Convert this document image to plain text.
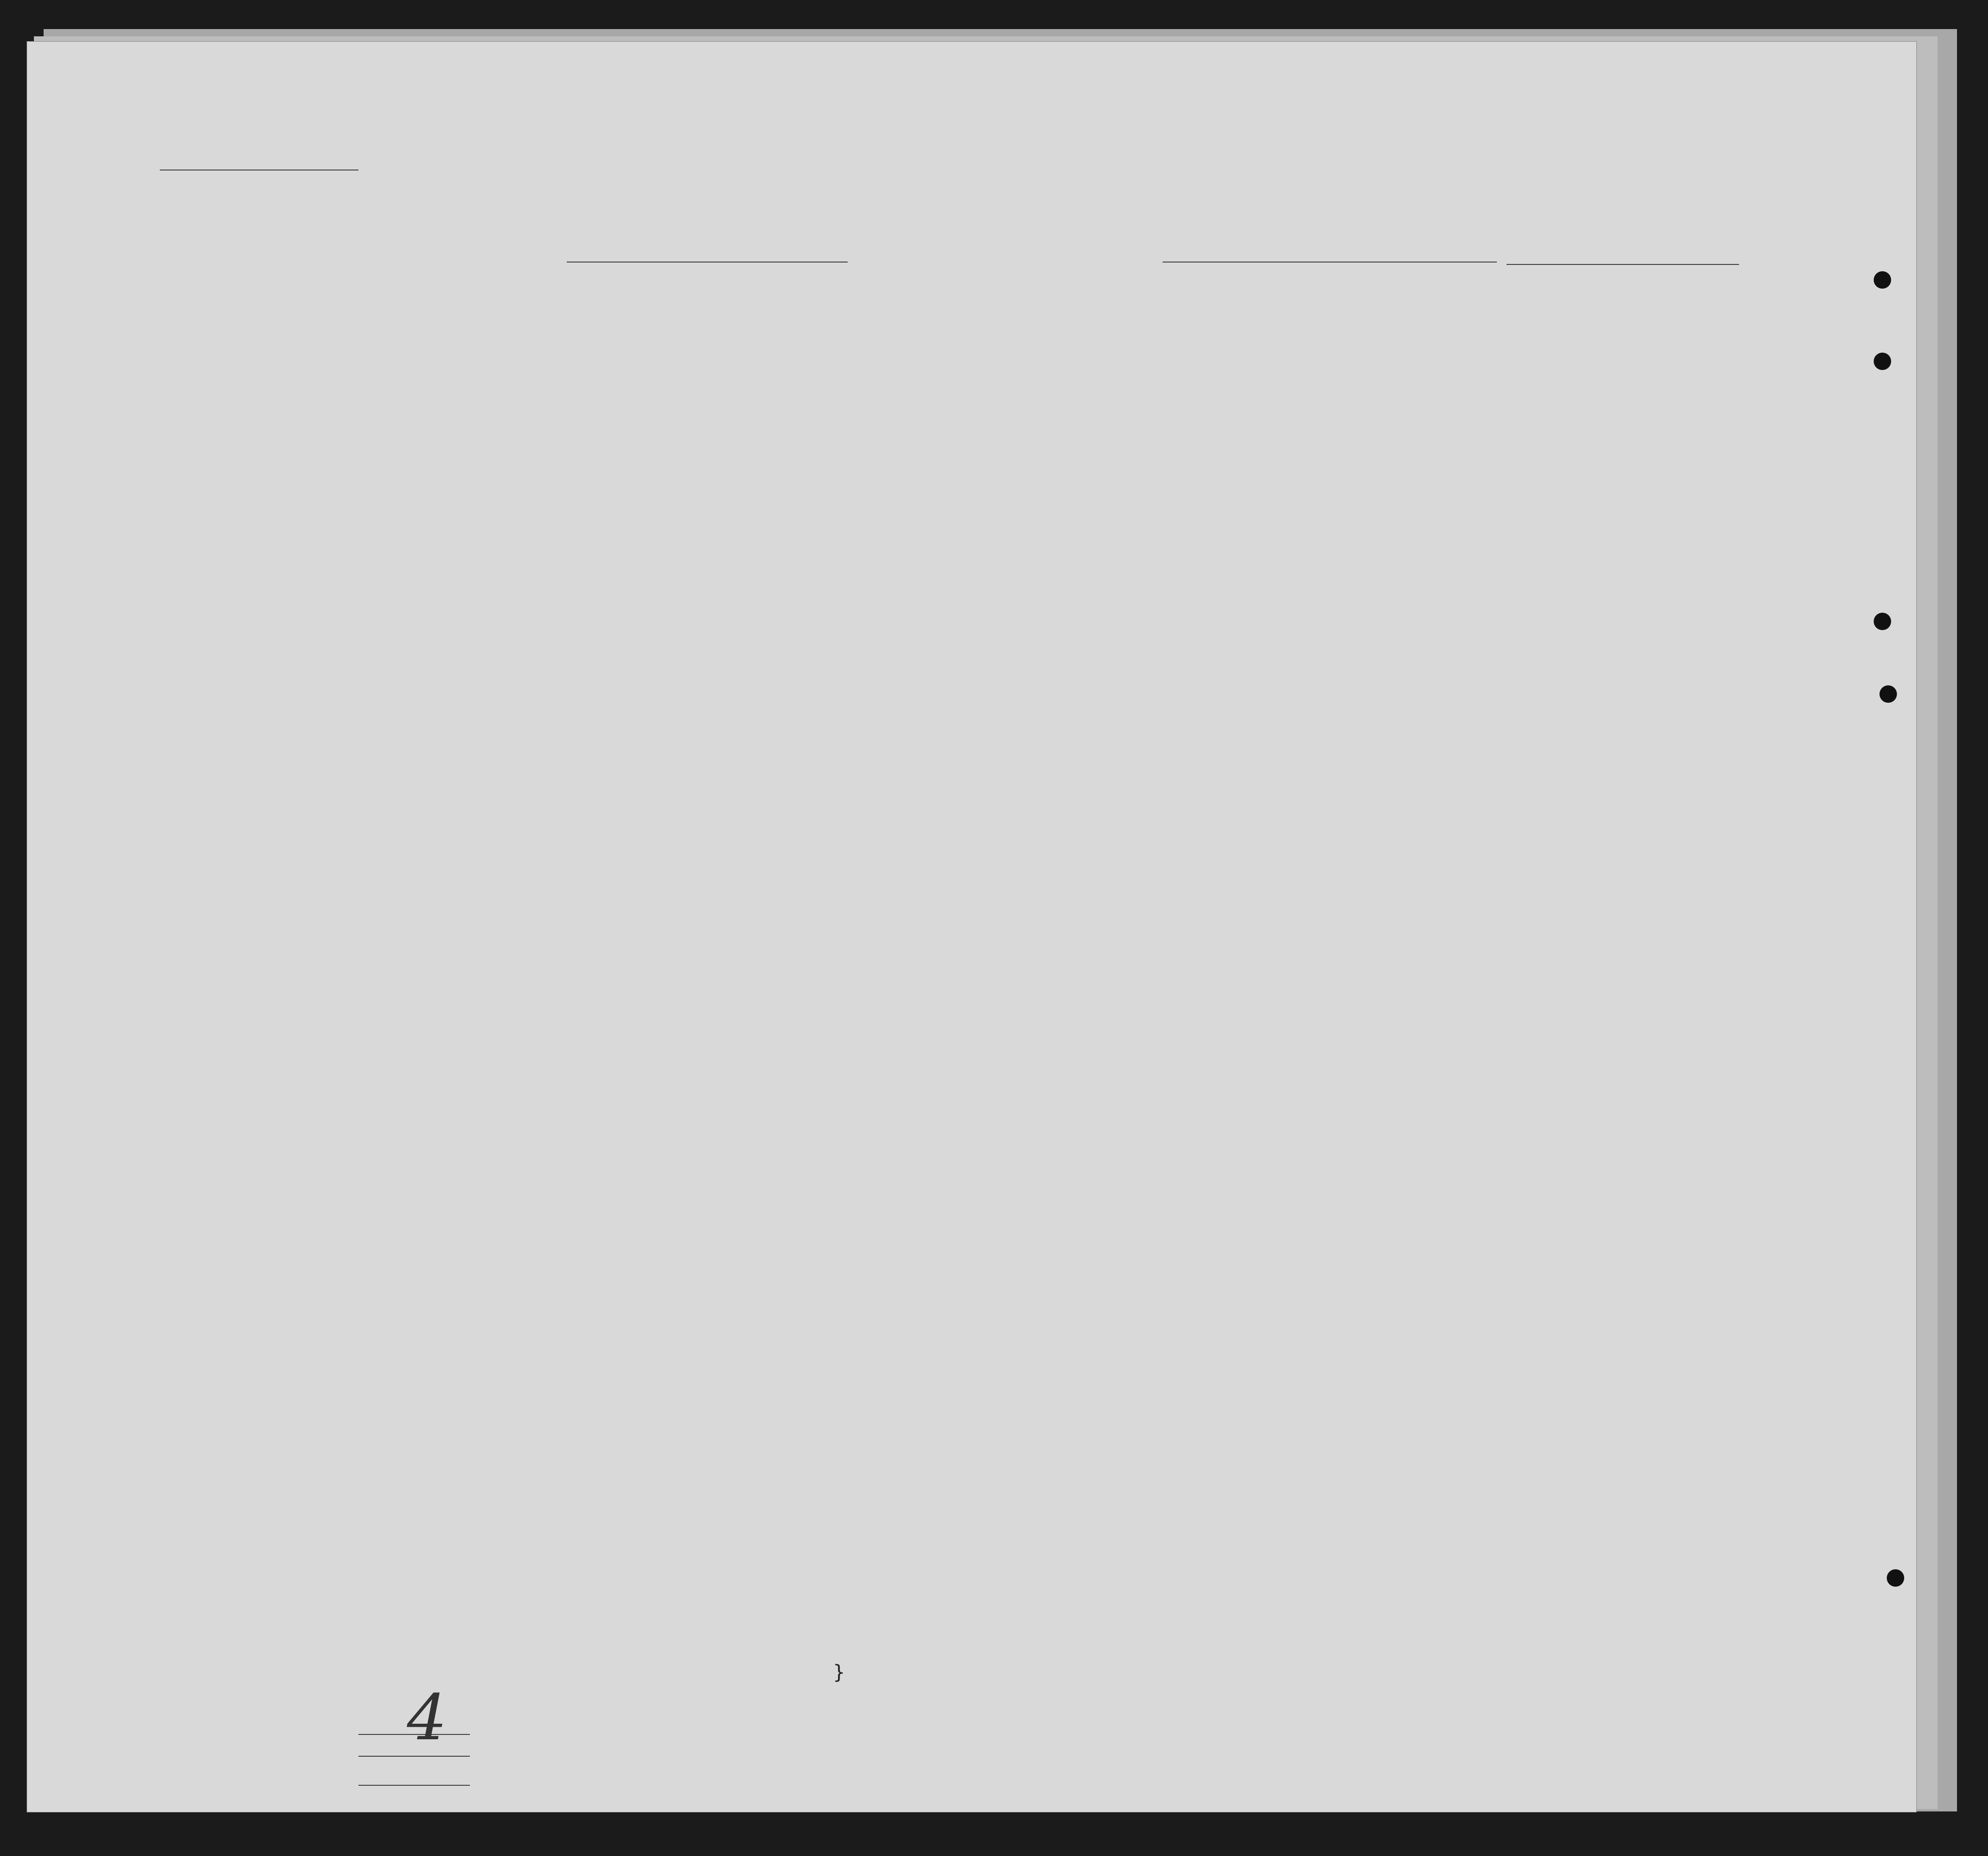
}
4
